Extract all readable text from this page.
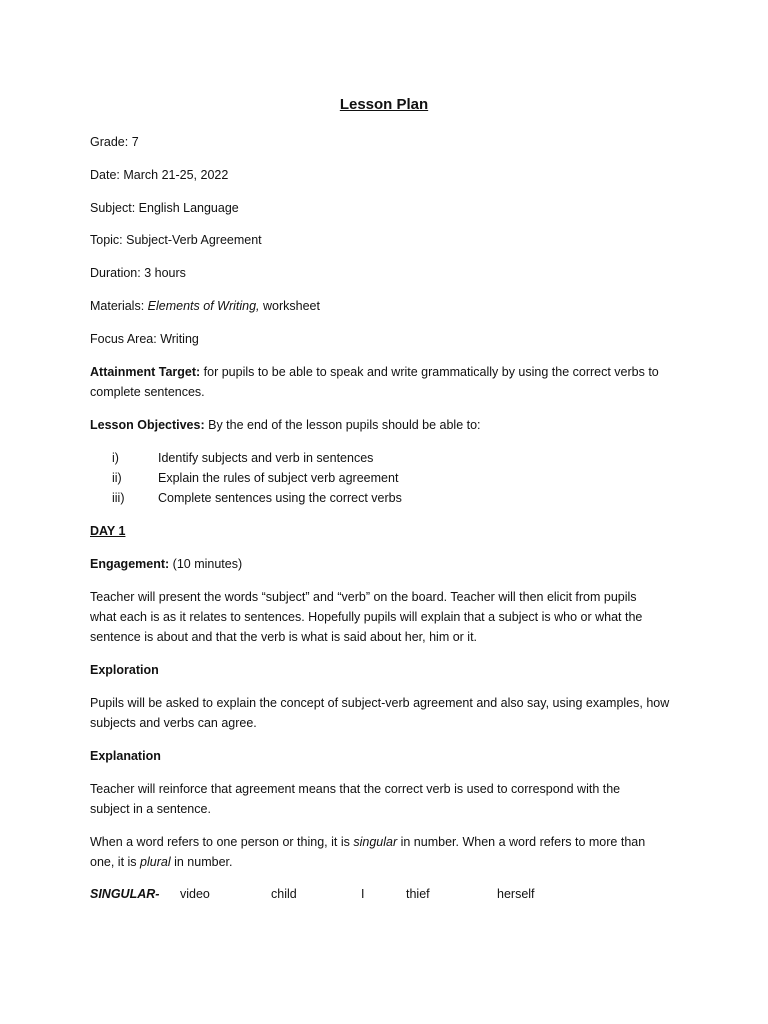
Lesson Plan
Grade: 7
Date: March 21-25, 2022
Subject: English Language
Topic: Subject-Verb Agreement
Duration: 3 hours
Materials: Elements of Writing, worksheet
Focus Area: Writing
Attainment Target: for pupils to be able to speak and write grammatically by using the correct verbs to
complete sentences.
Lesson Objectives: By the end of the lesson pupils should be able to:
i)	Identify subjects and verb in sentences
ii)	Explain the rules of subject verb agreement
iii)	Complete sentences using the correct verbs
DAY 1
Engagement: (10 minutes)
Teacher will present the words “subject” and “verb” on the board. Teacher will then elicit from pupils
what each is as it relates to sentences. Hopefully pupils will explain that a subject is who or what the
sentence is about and that the verb is what is said about her, him or it.
Exploration
Pupils will be asked to explain the concept of subject-verb agreement and also say, using examples, how
subjects and verbs can agree.
Explanation
Teacher will reinforce that agreement means that the correct verb is used to correspond with the
subject in a sentence.
When a word refers to one person or thing, it is singular in number. When a word refers to more than
one, it is plural in number.
SINGULAR- video	child	I	thief	herself
